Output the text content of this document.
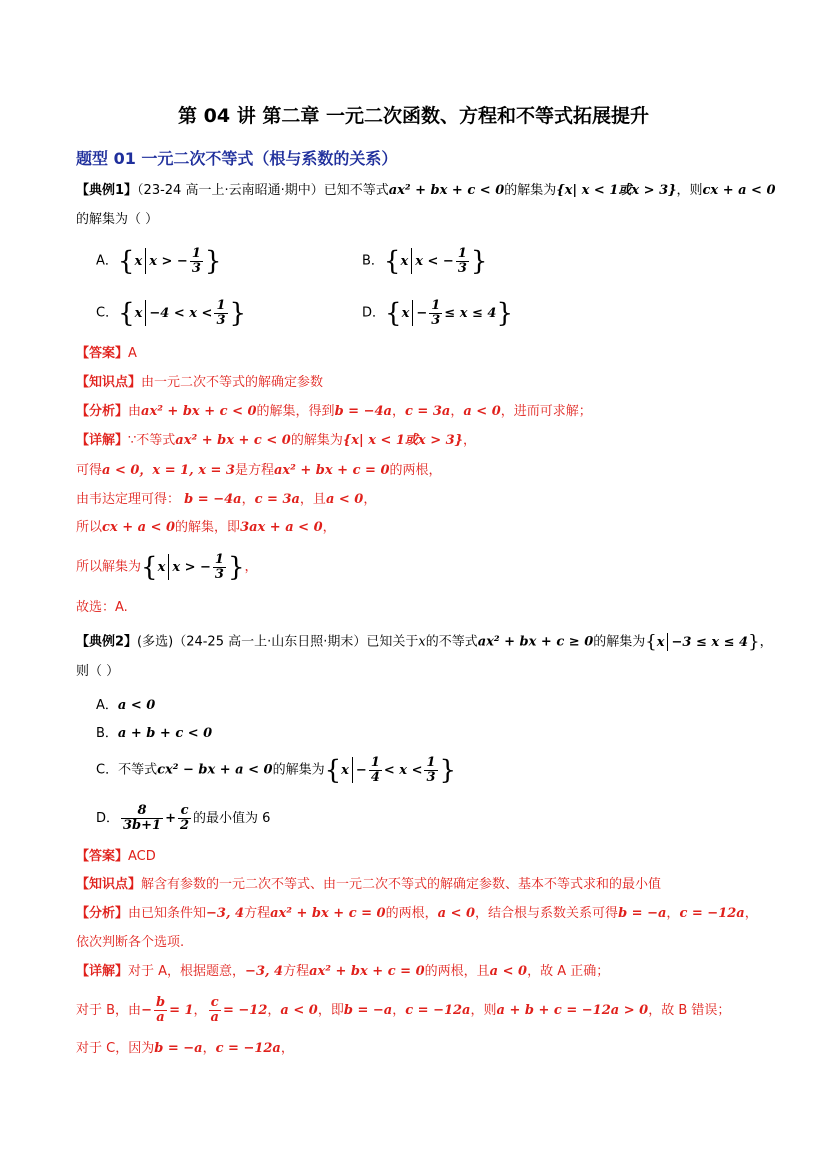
第 04 讲 第二章 一元二次函数、方程和不等式拓展提升
题型 01 一元二次不等式（根与系数的关系）
【典例1】（23-24 高一上·云南昭通·期中）已知不等式ax² + bx + c < 0的解集为{x| x < 1或x > 3}，则cx + a < 0
的解集为（ ）
A．{x x > − $\frac{1}{3}$ }	B．{x x < − $\frac{1}{3}$ }
C．{$x -4 < x < \frac{1}{3}$ }	D．$\{x - \frac{1}{3} \le x \le 4\}$
【答案】A
【知识点】由一元二次不等式的解确定参数
【分析】由ax² + bx + c < 0的解集，得到b = −4a，c = 3a，a < 0，进而可求解；
【详解】∵不等式ax² + bx + c < 0的解集为{x| x < 1或x > 3}，
可得a < 0，x = 1, x = 3是方程ax² + bx + c = 0的两根，
由韦达定理可得： b = −4a，c = 3a，且a < 0，
所以cx + a < 0的解集，即3ax + a < 0，
所以解集为{x x > − $\frac{1}{3}$ }，
故选：A.
【典例2】(多选)（24-25 高一上·山东日照·期末）已知关于x的不等式ax² + bx + c ≥ 0的解集为{x −3 ≤ x ≤ 4}，
则（ ）
A．a < 0
B．a + b + c < 0
C．不等式cx² − bx + a < 0的解集为{$x - \frac{1}{4} < x < \frac{1}{3}$ }
D． $\frac{8}{3b+1} + \frac{c}{2}$ 的最小值为 6
【答案】ACD
【知识点】解含有参数的一元二次不等式、由一元二次不等式的解确定参数、基本不等式求和的最小值
【分析】由已知条件知−3, 4方程ax² + bx + c = 0的两根，a < 0，结合根与系数关系可得b = −a，c = −12a，
依次判断各个选项.
【详解】对于 A，根据题意，−3, 4方程ax² + bx + c = 0的两根，且a < 0，故 A 正确；
对于 B，由− $\frac{b}{a} = 1$， $\frac{c}{a} = -12$，a < 0，即b = −a，c = −12a，则a + b + c = −12a > 0，故 B 错误；
对于 C，因为b = −a，c = −12a，
